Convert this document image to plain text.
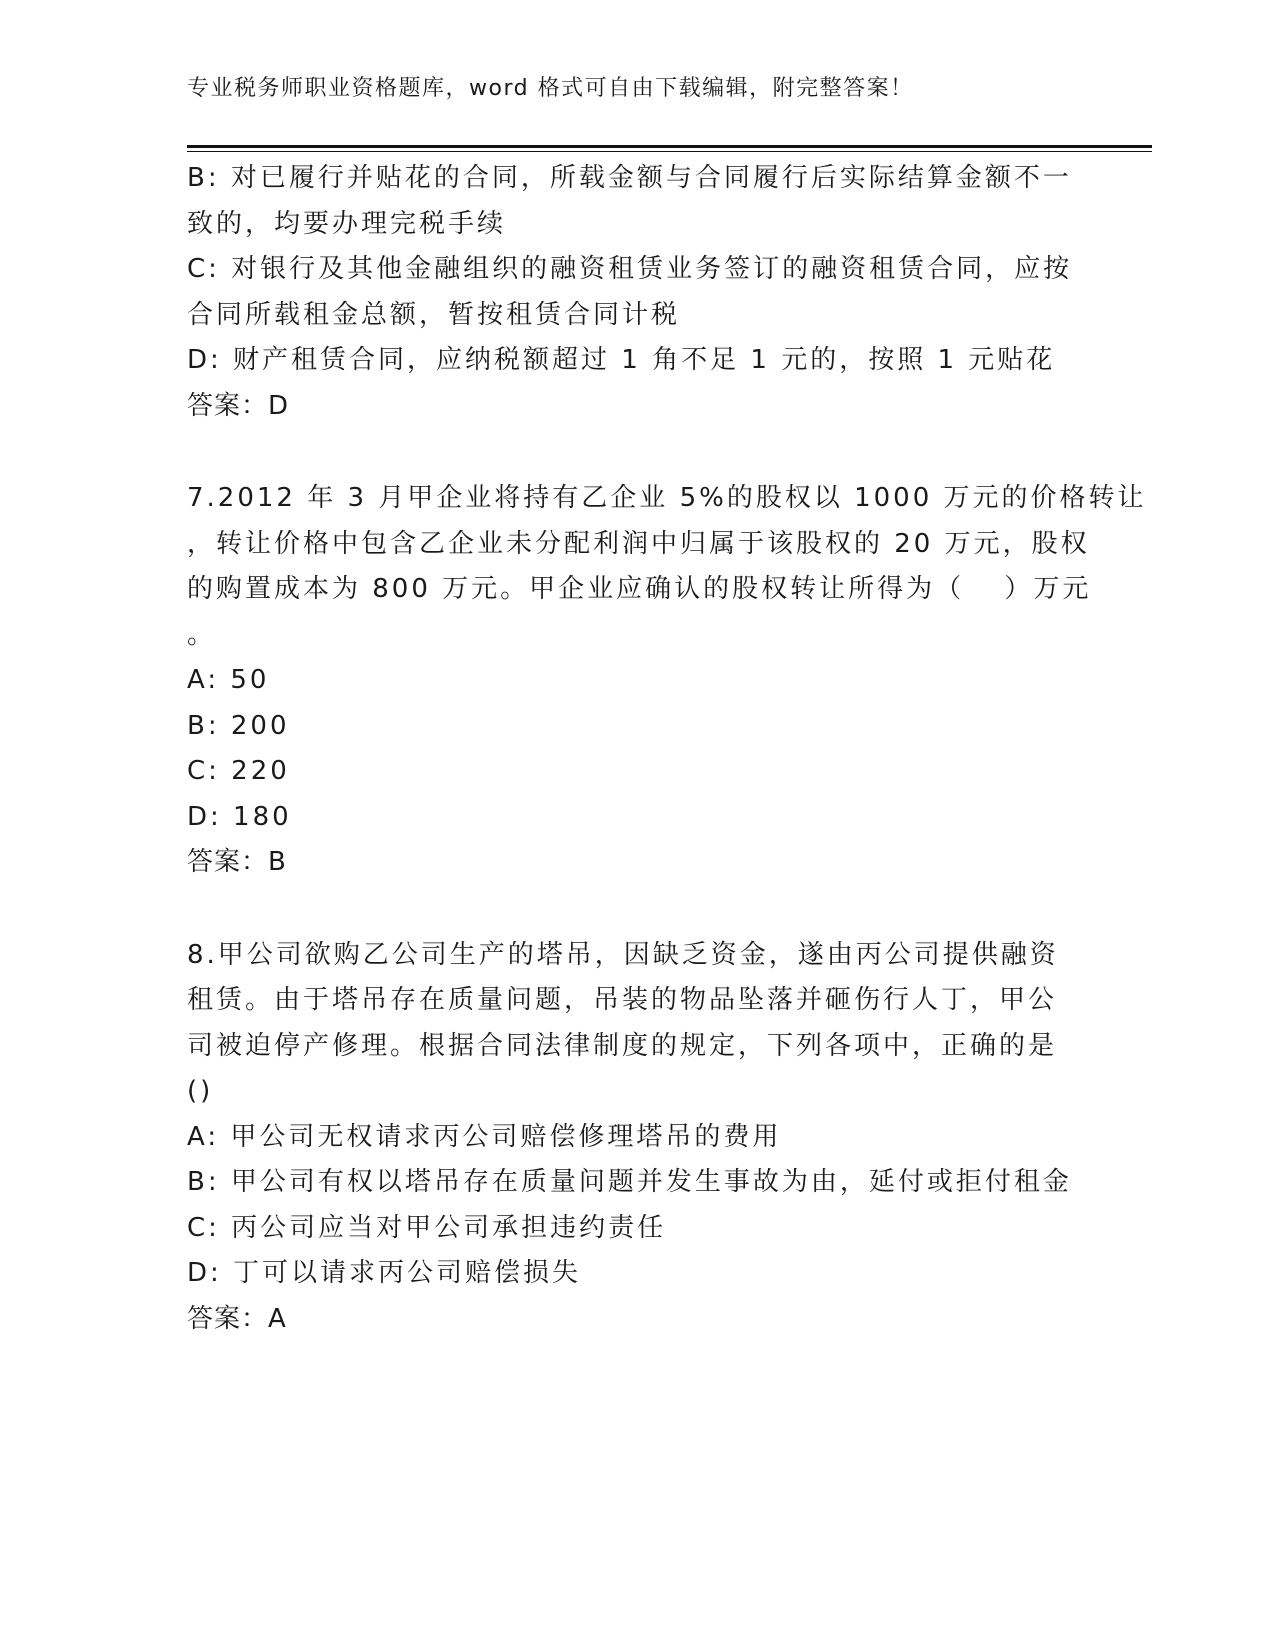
专业税务师职业资格题库，word 格式可自由下载编辑，附完整答案！
B: 对已履行并贴花的合同，所载金额与合同履行后实际结算金额不一
致的，均要办理完税手续
C: 对银行及其他金融组织的融资租赁业务签订的融资租赁合同，应按
合同所载租金总额，暂按租赁合同计税
D: 财产租赁合同，应纳税额超过 1 角不足 1 元的，按照 1 元贴花
答案：D
7.2012 年 3 月甲企业将持有乙企业 5%的股权以 1000 万元的价格转让
，转让价格中包含乙企业未分配利润中归属于该股权的 20 万元，股权
的购置成本为 800 万元。甲企业应确认的股权转让所得为（　 ）万元
。
A: 50
B: 200
C: 220
D: 180
答案：B
8.甲公司欲购乙公司生产的塔吊，因缺乏资金，遂由丙公司提供融资
租赁。由于塔吊存在质量问题，吊装的物品坠落并砸伤行人丁，甲公
司被迫停产修理。根据合同法律制度的规定，下列各项中，正确的是
()
A: 甲公司无权请求丙公司赔偿修理塔吊的费用
B: 甲公司有权以塔吊存在质量问题并发生事故为由，延付或拒付租金
C: 丙公司应当对甲公司承担违约责任
D: 丁可以请求丙公司赔偿损失
答案：A
